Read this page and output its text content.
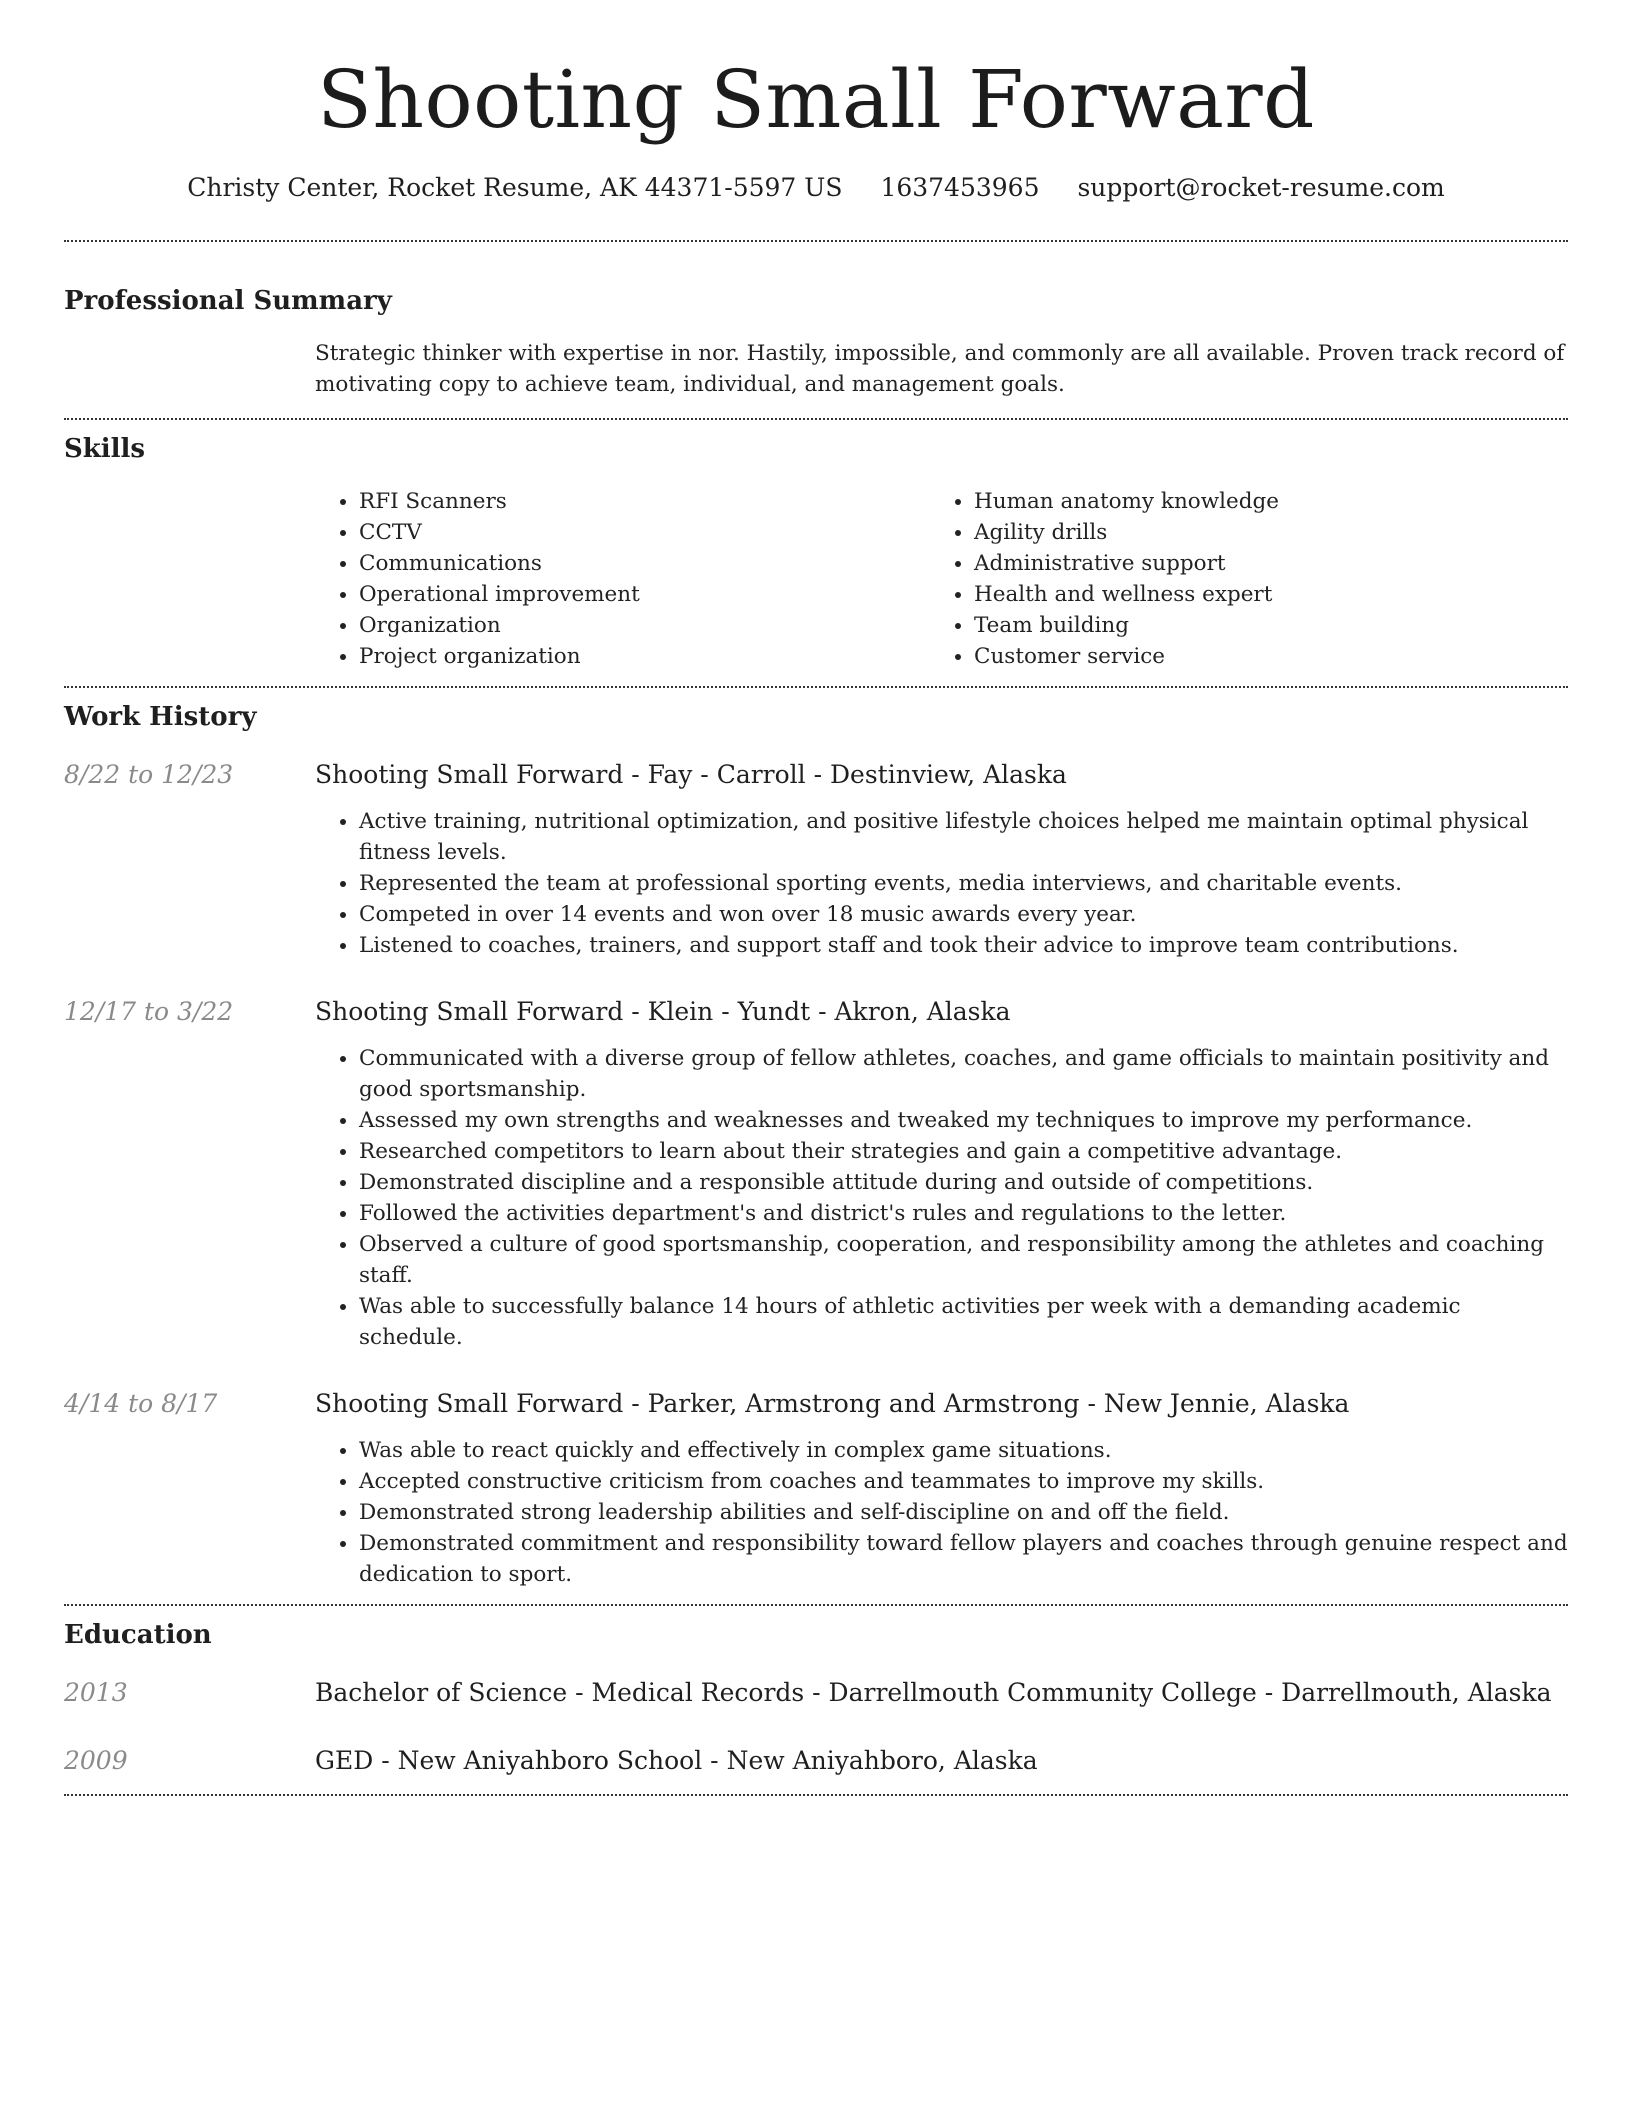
Shooting Small Forward
Christy Center, Rocket Resume, AK 44371-5597 US 1637453965 support@rocket-resume.com
Professional Summary

Strategic thinker with expertise in nor. Hastily, impossible, and commonly are all available. Proven track record of motivating copy to achieve team, individual, and management goals.

Skills
• RFI Scanners
• CCTV
• Communications
• Operational improvement
• Organization
• Project organization
• Human anatomy knowledge
• Agility drills
• Administrative support
• Health and wellness expert
• Team building
• Customer service
Work History
8/22 to 12/23	Shooting Small Forward - Fay - Carroll - Destinview, Alaska
• Active training, nutritional optimization, and positive lifestyle choices helped me maintain optimal physical fitness levels.
• Represented the team at professional sporting events, media interviews, and charitable events.
• Competed in over 14 events and won over 18 music awards every year.
• Listened to coaches, trainers, and support staff and took their advice to improve team contributions.
12/17 to 3/22	Shooting Small Forward - Klein - Yundt - Akron, Alaska
• Communicated with a diverse group of fellow athletes, coaches, and game officials to maintain positivity and good sportsmanship.
• Assessed my own strengths and weaknesses and tweaked my techniques to improve my performance.
• Researched competitors to learn about their strategies and gain a competitive advantage.
• Demonstrated discipline and a responsible attitude during and outside of competitions.
• Followed the activities department's and district's rules and regulations to the letter.
• Observed a culture of good sportsmanship, cooperation, and responsibility among the athletes and coaching staff.
• Was able to successfully balance 14 hours of athletic activities per week with a demanding academic schedule.
4/14 to 8/17	Shooting Small Forward - Parker, Armstrong and Armstrong - New Jennie, Alaska
• Was able to react quickly and effectively in complex game situations.
• Accepted constructive criticism from coaches and teammates to improve my skills.
• Demonstrated strong leadership abilities and self-discipline on and off the field.
• Demonstrated commitment and responsibility toward fellow players and coaches through genuine respect and dedication to sport.
Education
2013	Bachelor of Science - Medical Records - Darrellmouth Community College - Darrellmouth, Alaska
2009	GED - New Aniyahboro School - New Aniyahboro, Alaska
